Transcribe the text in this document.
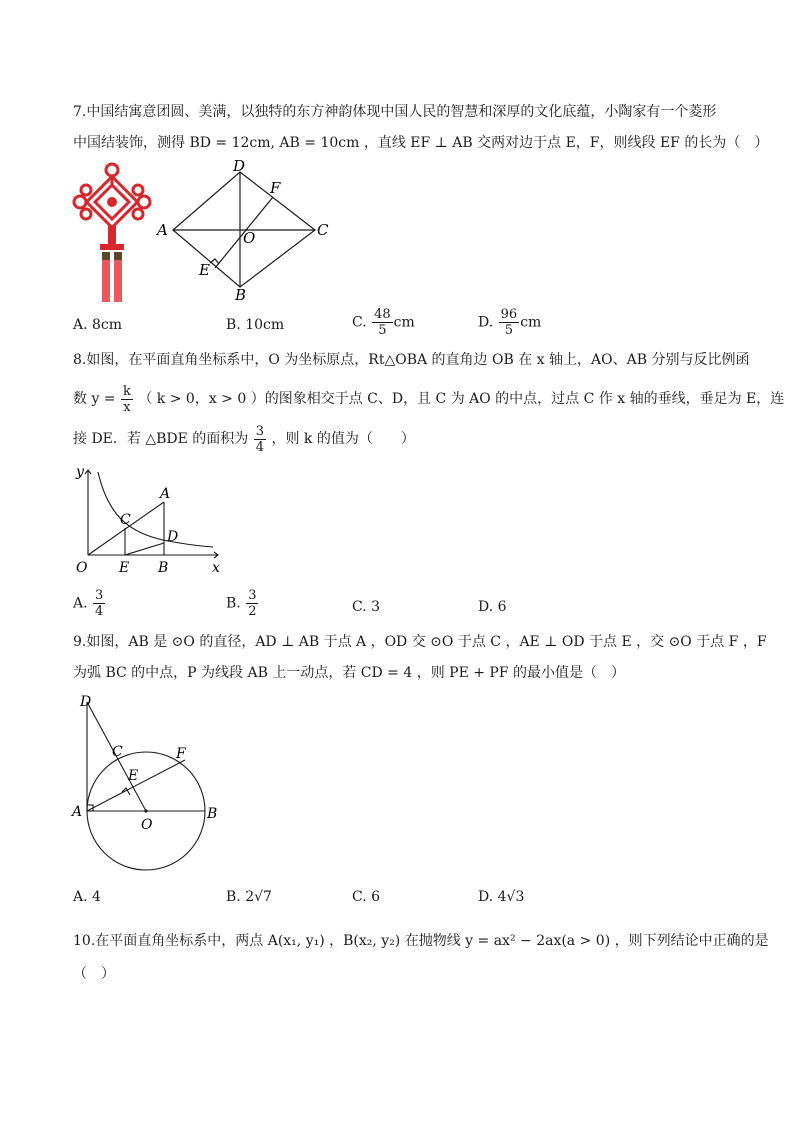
7.中国结寓意团圆、美满，以独特的东方神韵体现中国人民的智慧和深厚的文化底蕴，小陶家有一个菱形
中国结装饰，测得 BD = 12cm, AB = 10cm ，直线 EF ⊥ AB 交两对边于点 E，F，则线段 EF 的长为（　）
D
F
A	O	C
E
B
A. 8cm	B. 10cm	C. $\frac{48}{5}$ cm	D. $\frac{96}{5}$ cm
8.如图，在平面直角坐标系中，O 为坐标原点，Rt△OBA 的直角边 OB 在 x 轴上，AO、AB 分别与反比例函
数 $y = \frac{k}{x}$ （ k > 0，x > 0 ）的图象相交于点 C、D，且 C 为 AO 的中点，过点 C 作 x 轴的垂线，垂足为 E，连
接 DE．若 △BDE 的面积为 $\frac{3}{4}$ ，则 k 的值为（　　）
y
x
A
C
D
O E B
A. $\frac{3}{4}$	B. $\frac{3}{2}$	C. 3	D. 6
9.如图，AB 是 ⊙O 的直径，AD ⊥ AB 于点 A ，OD 交 ⊙O 于点 C ，AE ⊥ OD 于点 E ，交 ⊙O 于点 F ，F
为弧 BC 的中点，P 为线段 AB 上一动点，若 CD = 4 ，则 PE + PF 的最小值是（　）
D
C	F
E
A
O
B
A. 4	B. 2√7	C. 6	D. 4√3
10.在平面直角坐标系中，两点 A(x₁, y₁) ，B(x₂, y₂) 在抛物线 y = ax² − 2ax(a > 0) ，则下列结论中正确的是
（　）
